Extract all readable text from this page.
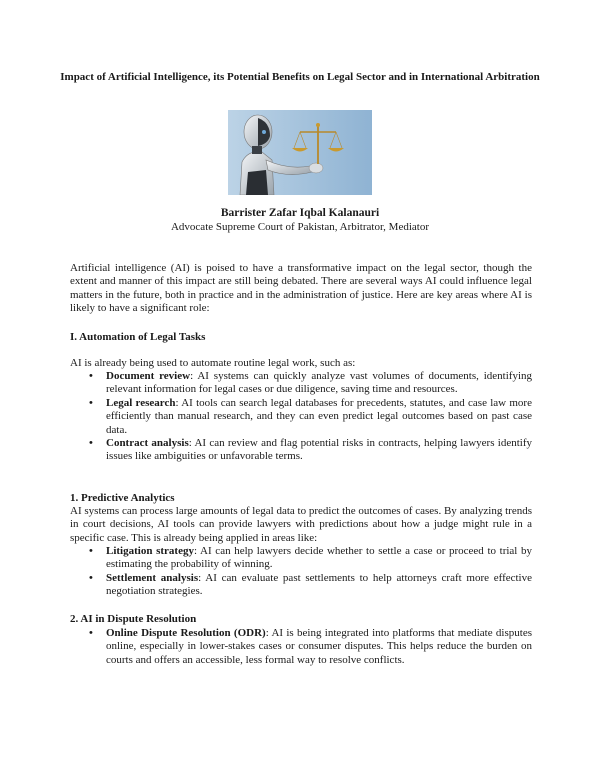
Impact of Artificial Intelligence, its Potential Benefits on Legal Sector and in International Arbitration
Barrister Zafar Iqbal Kalanauri
Advocate Supreme Court of Pakistan, Arbitrator, Mediator
Artificial intelligence (AI) is poised to have a transformative impact on the legal sector, though the extent and manner of this impact are still being debated. There are several ways AI could influence legal matters in the future, both in practice and in the administration of justice. Here are key areas where AI is likely to have a significant role:
I. Automation of Legal Tasks
AI is already being used to automate routine legal work, such as:
• Document review: AI systems can quickly analyze vast volumes of documents, identifying relevant information for legal cases or due diligence, saving time and resources.
• Legal research: AI tools can search legal databases for precedents, statutes, and case law more efficiently than manual research, and they can even predict legal outcomes based on past case data.
• Contract analysis: AI can review and flag potential risks in contracts, helping lawyers identify issues like ambiguities or unfavorable terms.
1. Predictive Analytics
AI systems can process large amounts of legal data to predict the outcomes of cases. By analyzing trends in court decisions, AI tools can provide lawyers with predictions about how a judge might rule in a specific case. This is already being applied in areas like:
• Litigation strategy: AI can help lawyers decide whether to settle a case or proceed to trial by estimating the probability of winning.
• Settlement analysis: AI can evaluate past settlements to help attorneys craft more effective negotiation strategies.
2. AI in Dispute Resolution
• Online Dispute Resolution (ODR): AI is being integrated into platforms that mediate disputes online, especially in lower-stakes cases or consumer disputes. This helps reduce the burden on courts and offers an accessible, less formal way to resolve conflicts.
